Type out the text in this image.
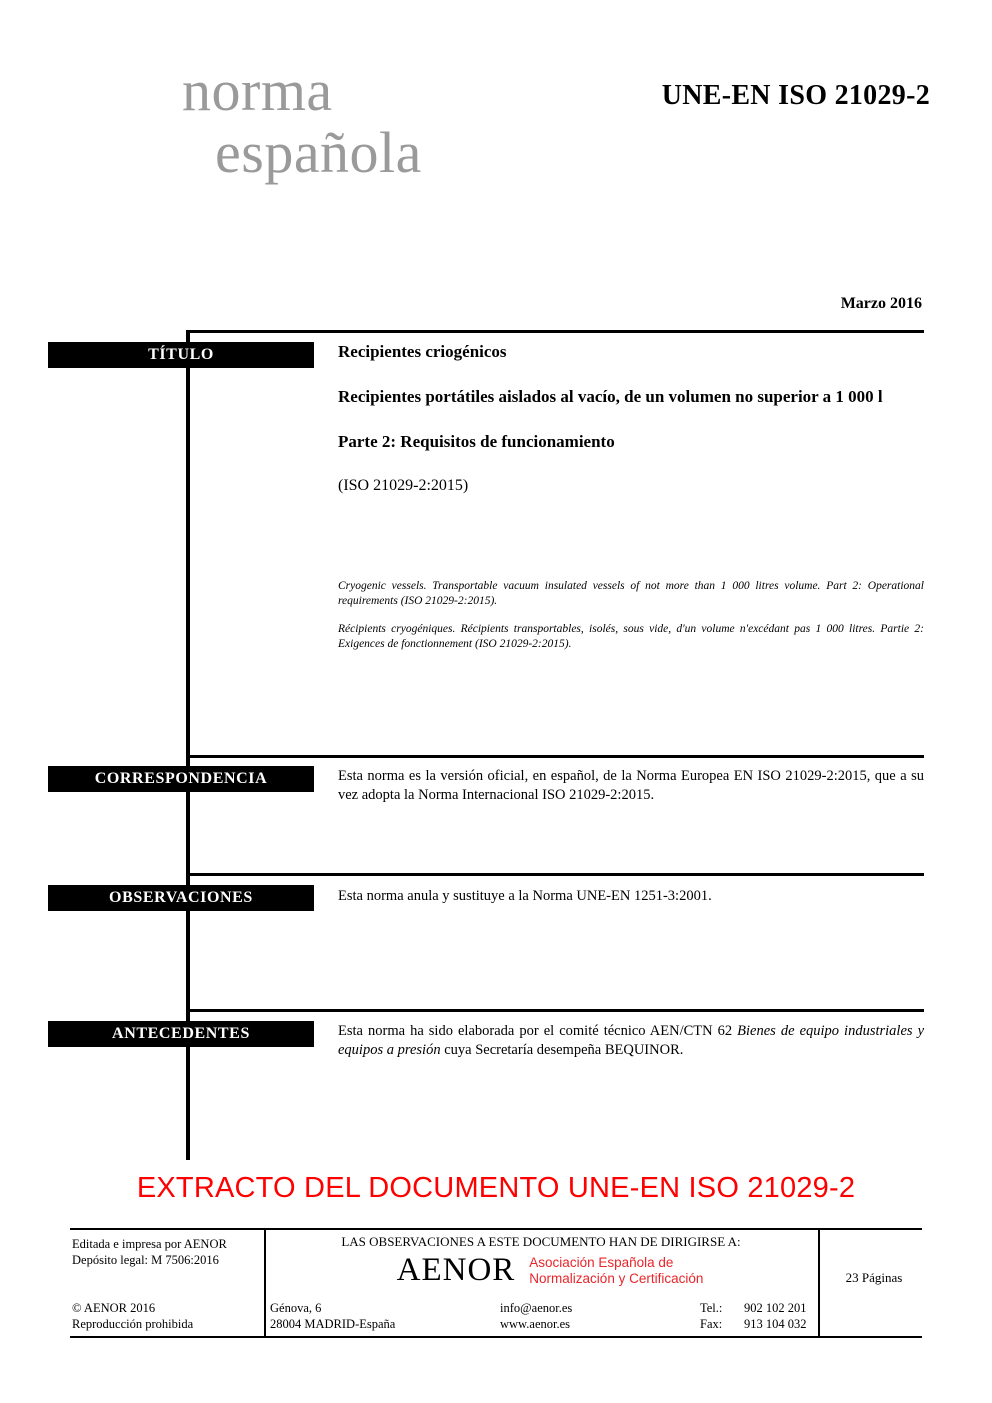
norma
española
UNE-EN ISO 21029-2
Marzo 2016
TÍTULO	Recipientes criogénicos
Recipientes portátiles aislados al vacío, de un volumen no superior a 1 000 l
Parte 2: Requisitos de funcionamiento
(ISO 21029-2:2015)
Cryogenic vessels. Transportable vacuum insulated vessels of not more than 1 000 litres volume. Part 2: Operational requirements (ISO 21029-2:2015).
Récipients cryogéniques. Récipients transportables, isolés, sous vide, d'un volume n'excédant pas 1 000 litres. Partie 2: Exigences de fonctionnement (ISO 21029-2:2015).
CORRESPONDENCIA	Esta norma es la versión oficial, en español, de la Norma Europea EN ISO 21029-2:2015, que a su vez adopta la Norma Internacional ISO 21029-2:2015.
OBSERVACIONES	Esta norma anula y sustituye a la Norma UNE-EN 1251-3:2001.
ANTECEDENTES	Esta norma ha sido elaborada por el comité técnico AEN/CTN 62 Bienes de equipo industriales y equipos a presión cuya Secretaría desempeña BEQUINOR.
EXTRACTO DEL DOCUMENTO UNE-EN ISO 21029-2
Editada e impresa por AENOR
Depósito legal: M 7506:2016
© AENOR 2016
Reproducción prohibida
LAS OBSERVACIONES A ESTE DOCUMENTO HAN DE DIRIGIRSE A:
AENOR Asociación Española de
Normalización y Certificación
Génova, 6
28004 MADRID-España
info@aenor.es
www.aenor.es
Tel.:	902 102 201
Fax:	913 104 032
23 Páginas
